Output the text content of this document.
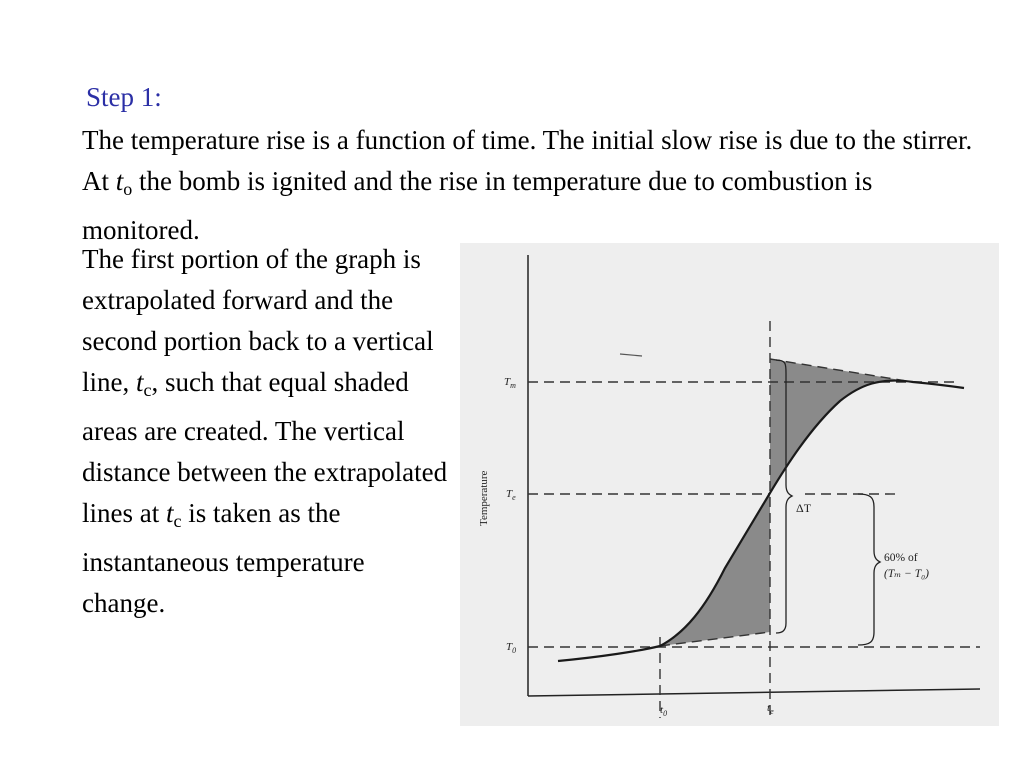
Step 1:
The temperature rise is a function of time. The initial slow rise is due to the stirrer. At $t_o$ the bomb is ignited and the rise in temperature due to combustion is monitored.
The first portion of the graph is extrapolated forward and the second portion back to a vertical line, $t_c$, such that equal shaded areas are created. The vertical distance between the extrapolated lines at $t_c$ is taken as the instantaneous temperature change.
ΔT
60% of
(Tₘ − T₀)
$T_m$
$T_e$
$T_0$
$t_0$	$t_e$
Temperature
